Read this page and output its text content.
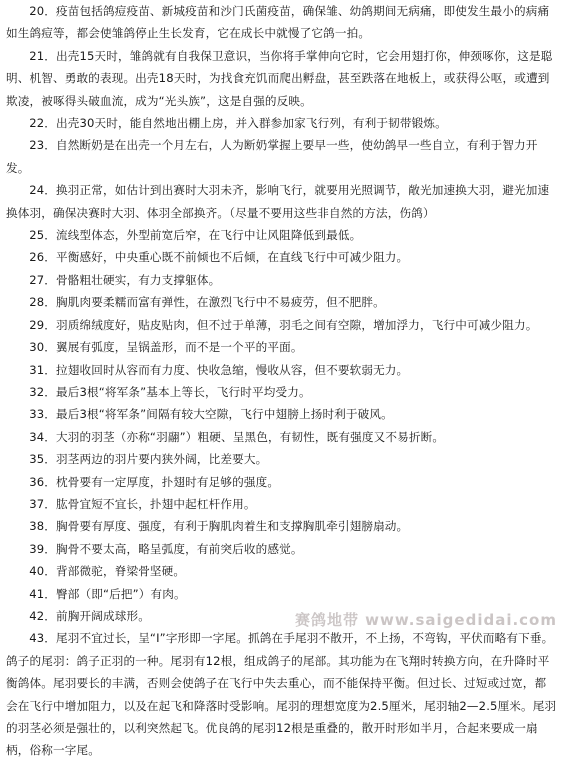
20．疫苗包括鸽痘疫苗、新城疫苗和沙门氏菌疫苗，确保雏、幼鸽期间无病痛，即使发生最小的病痛如生鸽痘等，都会使雏鸽停止生长发育，它在成长中就慢了它鸽一拍。

21．出壳15天时，雏鸽就有自我保卫意识，当你将手掌伸向它时，它会用翅打你，伸颈啄你，这是聪明、机智、勇敢的表现。出壳18天时，为找食充饥而爬出孵盘，甚至跌落在地板上，或获得公呕，或遭到欺凌，被啄得头破血流，成为“光头族”，这是自强的反映。

22．出壳30天时，能自然地出棚上房，并入群参加家飞行列，有利于韧带锻炼。

23．自然断奶是在出壳一个月左右，人为断奶掌握上要早一些，使幼鸽早一些自立，有利于智力开发。

24．换羽正常，如估计到出赛时大羽未齐，影响飞行，就要用光照调节，敞光加速换大羽，避光加速换体羽，确保决赛时大羽、体羽全部换齐。（尽量不要用这些非自然的方法，伤鸽）

25．流线型体态，外型前宽后窄，在飞行中让风阻降低到最低。

26．平衡感好，中央重心既不前倾也不后倾，在直线飞行中可减少阻力。

27．骨骼粗壮硬实，有力支撑躯体。

28．胸肌肉要柔糯而富有弹性，在激烈飞行中不易疲劳，但不肥胖。

29．羽质绵绒度好，贴皮贴肉，但不过于单薄，羽毛之间有空隙，增加浮力，飞行中可减少阻力。

30．翼展有弧度，呈锅盖形，而不是一个平的平面。

31．拉翅收回时从容而有力度、快收急缩，慢收从容，但不要软弱无力。

32．最后3根“将军条”基本上等长，飞行时平均受力。

33．最后3根“将军条”间隔有较大空隙，飞行中翅膀上扬时利于破风。

34．大羽的羽茎（亦称“羽翮”）粗硬、呈黑色，有韧性，既有强度又不易折断。

35．羽茎两边的羽片要内狭外阔，比差要大。

36．枕骨要有一定厚度，扑翅时有足够的强度。

37．肱骨宜短不宜长，扑翅中起杠杆作用。

38．胸骨要有厚度、强度，有利于胸肌肉着生和支撑胸肌牵引翅膀扇动。

39．胸骨不要太高，略呈弧度，有前突后收的感觉。

40．背部微驼，脊梁骨坚硬。

41．臀部（即“后把”）有肉。

42．前胸开阔成球形。

43．尾羽不宜过长，呈“I”字形即一字尾。抓鸽在手尾羽不散开，不上扬，不弯钩，平伏而略有下垂。鸽子的尾羽：鸽子正羽的一种。尾羽有12根，组成鸽子的尾部。其功能为在飞翔时转换方向，在升降时平衡鸽体。尾羽要长的丰满，否则会使鸽子在飞行中失去重心，而不能保持平衡。但过长、过短或过宽，都会在飞行中增加阻力，以及在起飞和降落时受影响。尾羽的理想宽度为2.5厘米，尾羽轴2—2.5厘米。尾羽的羽茎必须是强壮的，以利突然起飞。优良鸽的尾羽12根是重叠的，散开时形如半月，合起来要成一扇柄，俗称一字尾。

赛鸽地带 www.saigedidai.com
